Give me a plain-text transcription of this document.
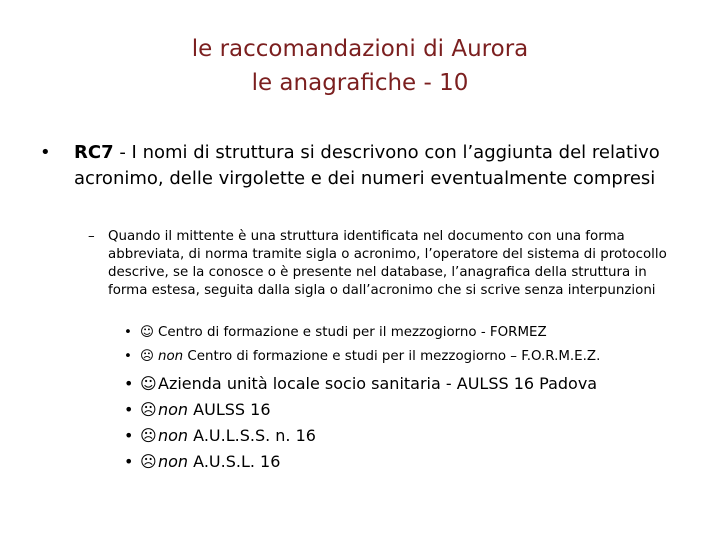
le raccomandazioni di Aurora
le anagrafiche - 10
• RC7 - I nomi di struttura si descrivono con l’aggiunta del relativo acronimo, delle virgolette e dei numeri eventualmente compresi
– Quando il mittente è una struttura identificata nel documento con una forma abbreviata, di norma tramite sigla o acronimo, l’operatore del sistema di protocollo descrive, se la conosce o è presente nel database, l’anagrafica della struttura in forma estesa, seguita dalla sigla o dall’acronimo che si scrive senza interpunzioni
• ☺ Centro di formazione e studi per il mezzogiorno - FORMEZ
• ☹ non Centro di formazione e studi per il mezzogiorno – F.O.R.M.E.Z.
• ☺Azienda unità locale socio sanitaria - AULSS 16 Padova
• ☹non AULSS 16
• ☹non A.U.L.S.S. n. 16
• ☹non A.U.S.L. 16
